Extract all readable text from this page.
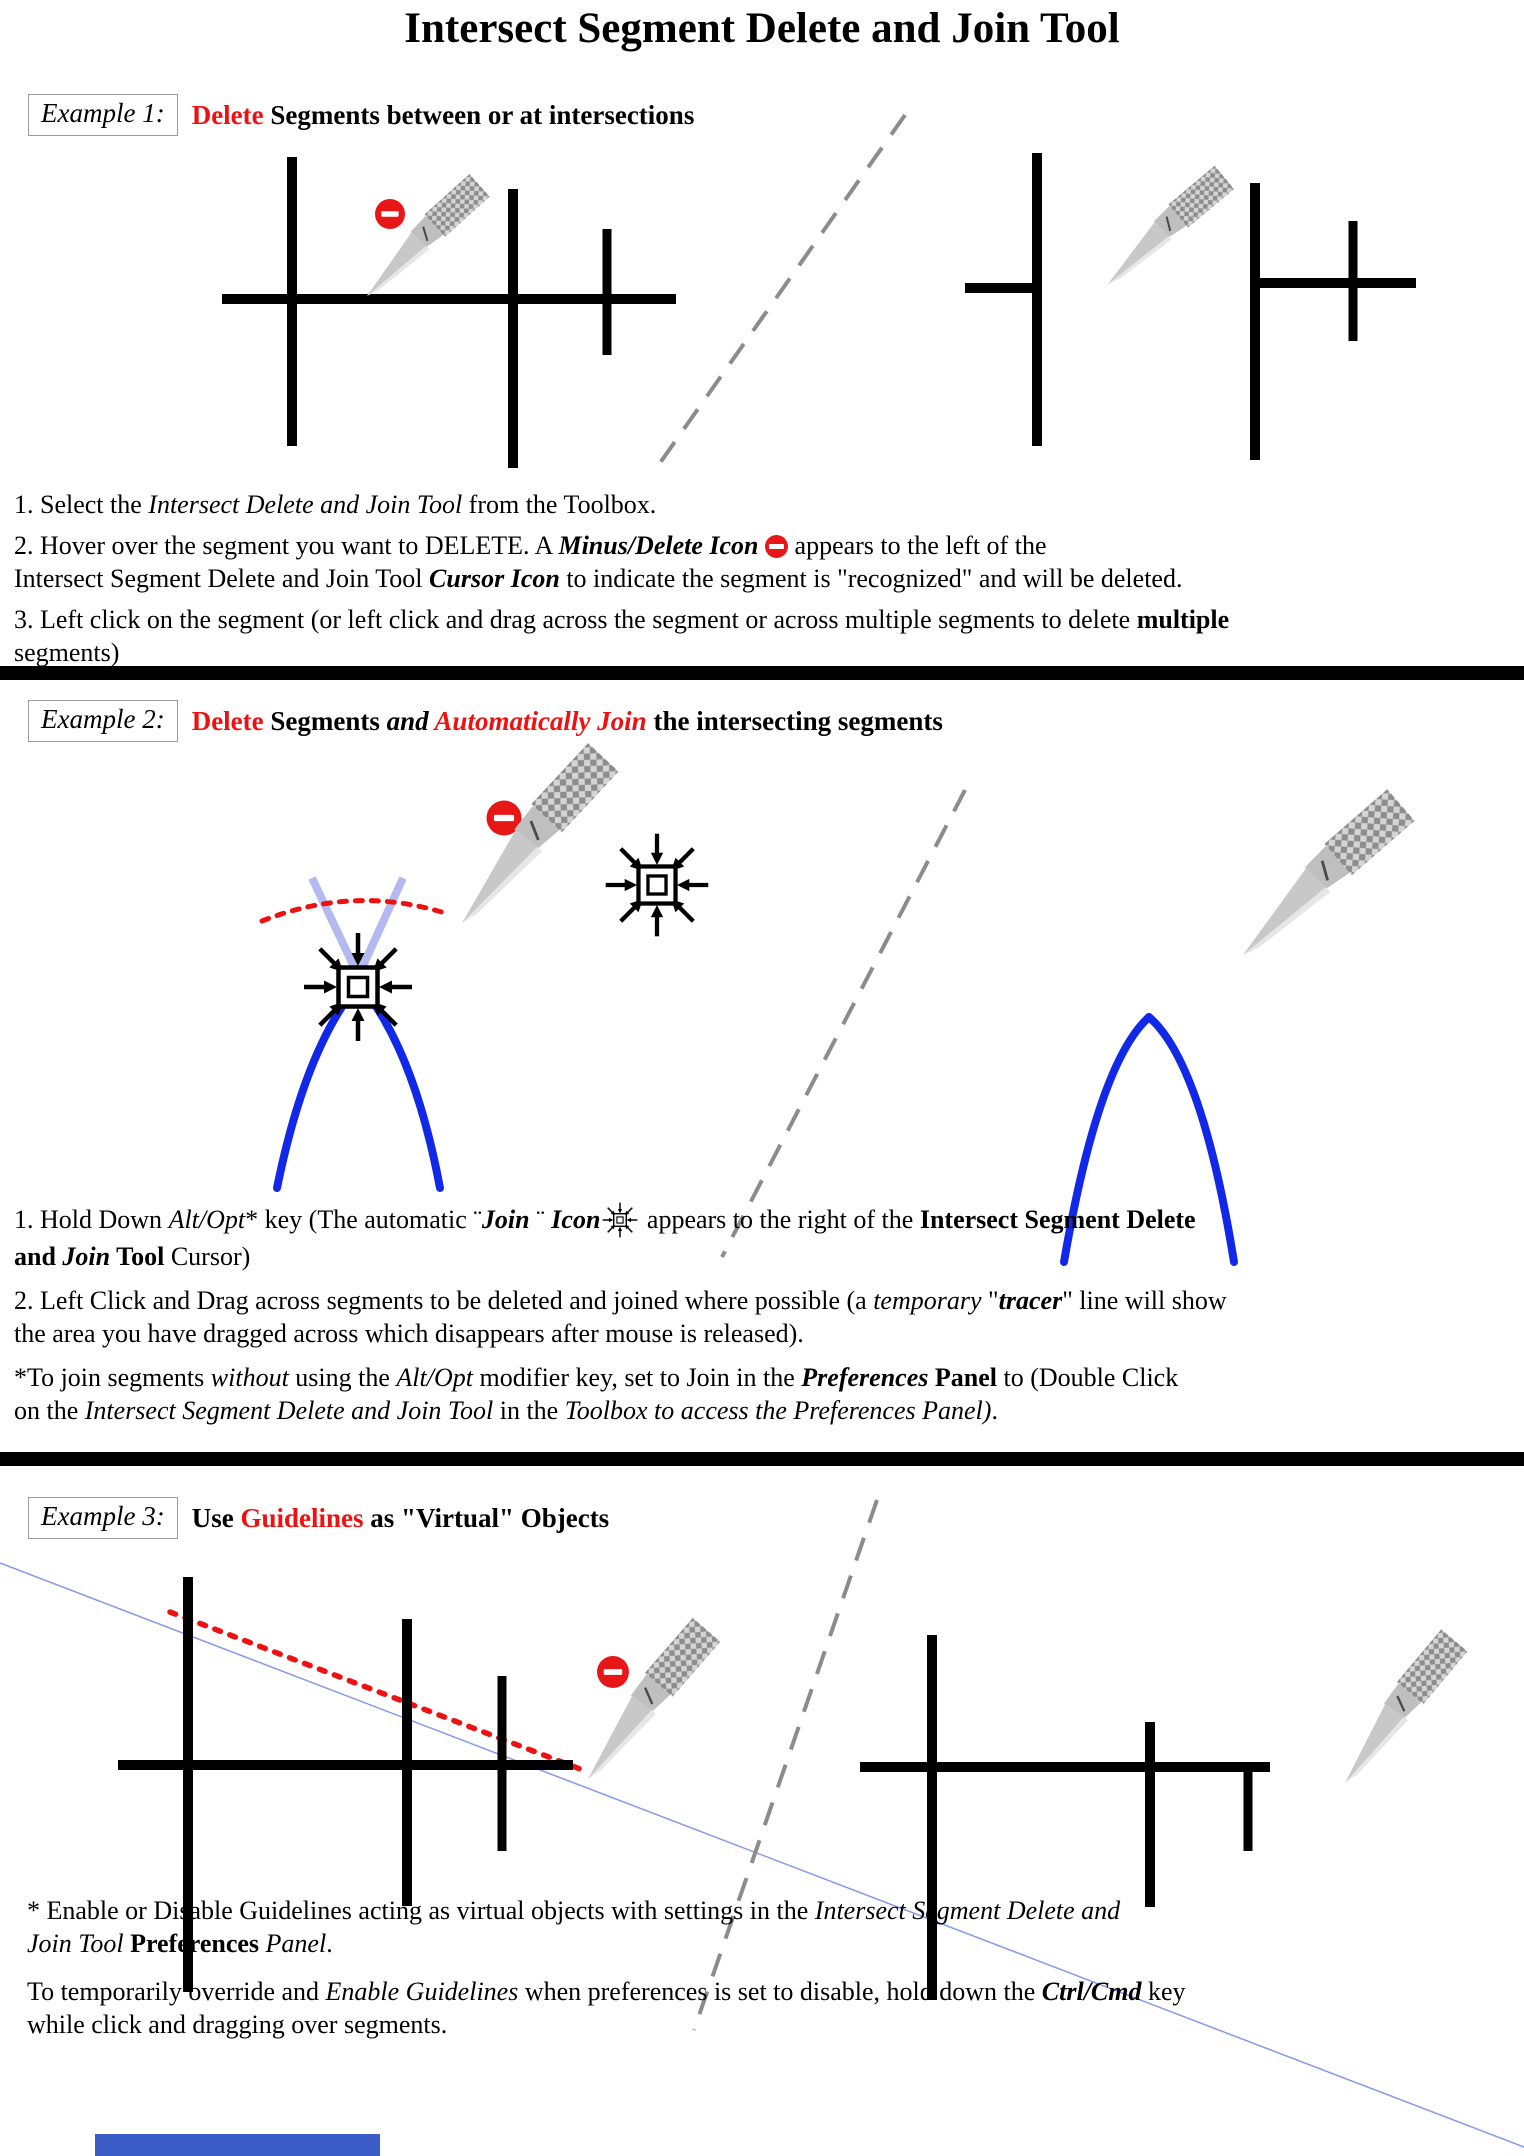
Intersect Segment Delete and Join Tool
Example 1:	Delete Segments between or at intersections
Example 2:	Delete Segments and Automatically Join the intersecting segments
Example 3:	Use Guidelines as "Virtual" Objects

1. Select the Intersect Delete and Join Tool from the Toolbox.

2. Hover over the segment you want to DELETE. A Minus/Delete Icon  appears to the left of the
Intersect Segment Delete and Join Tool Cursor Icon to indicate the segment is "recognized" and will be deleted.

3. Left click on the segment (or left click and drag across the segment or across multiple segments to delete multiple
segments)

1. Hold Down Alt/Opt* key (The automatic ¨Join ¨ Icon appears to the right of the Intersect Segment Delete
and Join Tool Cursor)

2. Left Click and Drag across segments to be deleted and joined where possible (a temporary "tracer" line will show
the area you have dragged across which disappears after mouse is released).

*To join segments without using the Alt/Opt modifier key, set to Join in the Preferences Panel to (Double Click
on the Intersect Segment Delete and Join Tool in the Toolbox to access the Preferences Panel).

* Enable or Disable Guidelines acting as virtual objects with settings in the Intersect Segment Delete and
Join Tool Preferences Panel.

To temporarily override and Enable Guidelines when preferences is set to disable, hold down the Ctrl/Cmd key
while click and dragging over segments.
